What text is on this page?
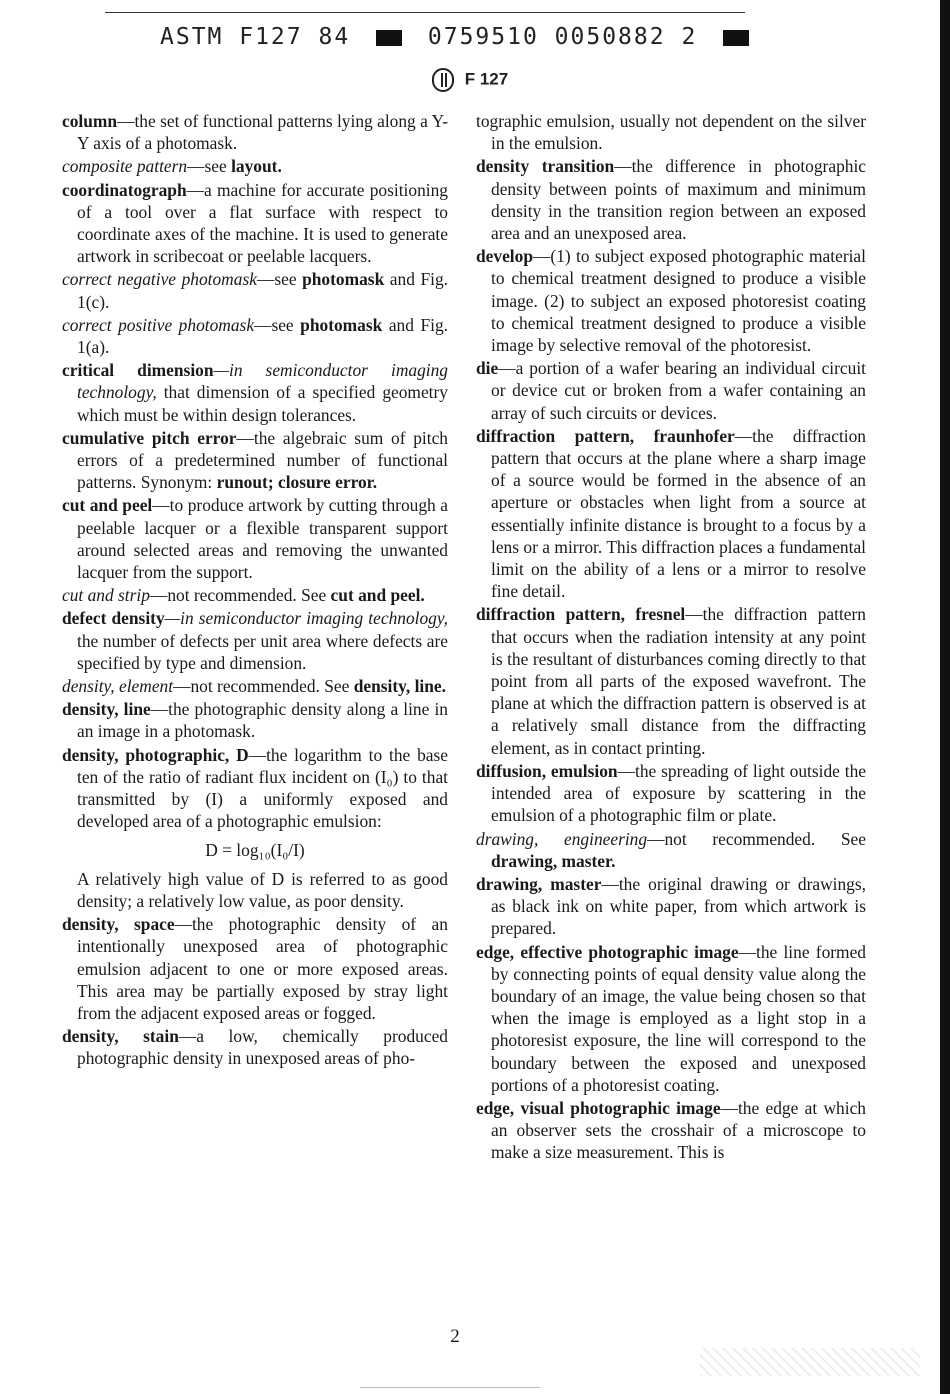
ASTM F127 84	0759510 0050882 2
F 127

column—the set of functional patterns lying along a Y-Y axis of a photomask.

composite pattern—see layout.

coordinatograph—a machine for accurate positioning of a tool over a flat surface with respect to coordinate axes of the machine. It is used to generate artwork in scribecoat or peelable lacquers.

correct negative photomask—see photomask and Fig. 1(c).

correct positive photomask—see photomask and Fig. 1(a).

critical dimension—in semiconductor imaging technology, that dimension of a specified geometry which must be within design tolerances.

cumulative pitch error—the algebraic sum of pitch errors of a predetermined number of functional patterns. Synonym: runout; closure error.

cut and peel—to produce artwork by cutting through a peelable lacquer or a flexible transparent support around selected areas and removing the unwanted lacquer from the support.

cut and strip—not recommended. See cut and peel.

defect density—in semiconductor imaging technology, the number of defects per unit area where defects are specified by type and dimension.

density, element—not recommended. See density, line.

density, line—the photographic density along a line in an image in a photomask.

density, photographic, D—the logarithm to the base ten of the ratio of radiant flux incident on (I₀) to that transmitted by (I) a uniformly exposed and developed area of a photographic emulsion:

D = log₁₀(I₀/I)

A relatively high value of D is referred to as good density; a relatively low value, as poor density.

density, space—the photographic density of an intentionally unexposed area of photographic emulsion adjacent to one or more exposed areas. This area may be partially exposed by stray light from the adjacent exposed areas or fogged.

density, stain—a low, chemically produced photographic density in unexposed areas of pho-

tographic emulsion, usually not dependent on the silver in the emulsion.

density transition—the difference in photographic density between points of maximum and minimum density in the transition region between an exposed area and an unexposed area.

develop—(1) to subject exposed photographic material to chemical treatment designed to produce a visible image. (2) to subject an exposed photoresist coating to chemical treatment designed to produce a visible image by selective removal of the photoresist.

die—a portion of a wafer bearing an individual circuit or device cut or broken from a wafer containing an array of such circuits or devices.

diffraction pattern, fraunhofer—the diffraction pattern that occurs at the plane where a sharp image of a source would be formed in the absence of an aperture or obstacles when light from a source at essentially infinite distance is brought to a focus by a lens or a mirror. This diffraction places a fundamental limit on the ability of a lens or a mirror to resolve fine detail.

diffraction pattern, fresnel—the diffraction pattern that occurs when the radiation intensity at any point is the resultant of disturbances coming directly to that point from all parts of the exposed wavefront. The plane at which the diffraction pattern is observed is at a relatively small distance from the diffracting element, as in contact printing.

diffusion, emulsion—the spreading of light outside the intended area of exposure by scattering in the emulsion of a photographic film or plate.

drawing, engineering—not recommended. See drawing, master.

drawing, master—the original drawing or drawings, as black ink on white paper, from which artwork is prepared.

edge, effective photographic image—the line formed by connecting points of equal density value along the boundary of an image, the value being chosen so that when the image is employed as a light stop in a photoresist exposure, the line will correspond to the boundary between the exposed and unexposed portions of a photoresist coating.

edge, visual photographic image—the edge at which an observer sets the crosshair of a microscope to make a size measurement. This is

2
